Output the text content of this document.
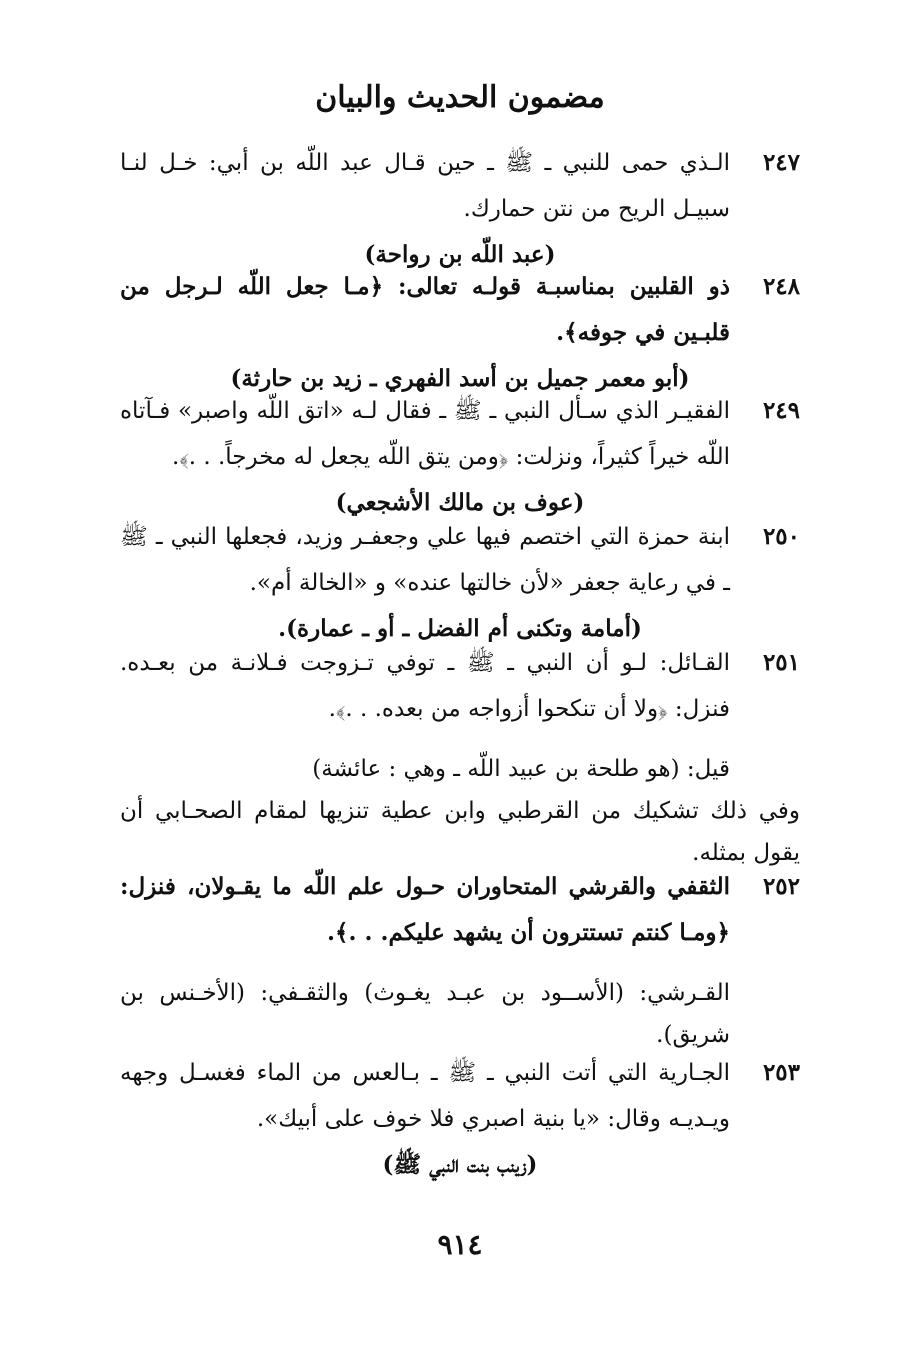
مضمون الحديث والبيان
٢٤٧
الـذي حمى للنبي ـ ﷺ ـ حين قـال عبد اللّه بن أبي: خـل لنـا سبيـل الريح من نتن حمارك.
(عبد اللّه بن رواحة)
٢٤٨
ذو القلبين بمناسبـة قولـه تعالى: ﴿مـا جعل اللّه لـرجل من قلبـين في جوفه﴾.
(أبو معمر جميل بن أسد الفهري ـ زيد بن حارثة)
٢٤٩
الفقيـر الذي سـأل النبي ـ ﷺ ـ فقال لـه «اتق اللّه واصبر» فـآتاه اللّه خيراً كثيراً، ونزلت: ﴿ومن يتق اللّه يجعل له مخرجاً. . .﴾.
(عوف بن مالك الأشجعي)
٢٥٠
ابنة حمزة التي اختصم فيها علي وجعفـر وزيد، فجعلها النبي ـ ﷺ ـ في رعاية جعفر «لأن خالتها عنده» و «الخالة أم».
(أمامة وتكنى أم الفضل ـ أو ـ عمارة).
٢٥١
القـائل: لـو أن النبي ـ ﷺ ـ توفي تـزوجت فـلانـة من بعـده. فنزل: ﴿ولا أن تنكحوا أزواجه من بعده. . .﴾.
قيل: (هو طلحة بن عبيد اللّه ـ وهي : عائشة)
وفي ذلك تشكيك من القرطبي وابن عطية تنزيها لمقام الصحـابي أن يقول بمثله.
٢٥٢
الثقفي والقرشي المتحاوران حـول علم اللّه ما يقـولان، فنزل: ﴿ومـا كنتم تستترون أن يشهد عليكم. . .﴾.
القـرشي: (الأســود بن عبـد يغـوث) والثقـفي: (الأخـنس بن شريق).
٢٥٣
الجـارية التي أتت النبي ـ ﷺ ـ بـالعس من الماء فغسـل وجهه ويـديـه وقال: «يا بنية اصبري فلا خوف على أبيك».
(زينب بنت النبي ﷺ)
٩١٤
